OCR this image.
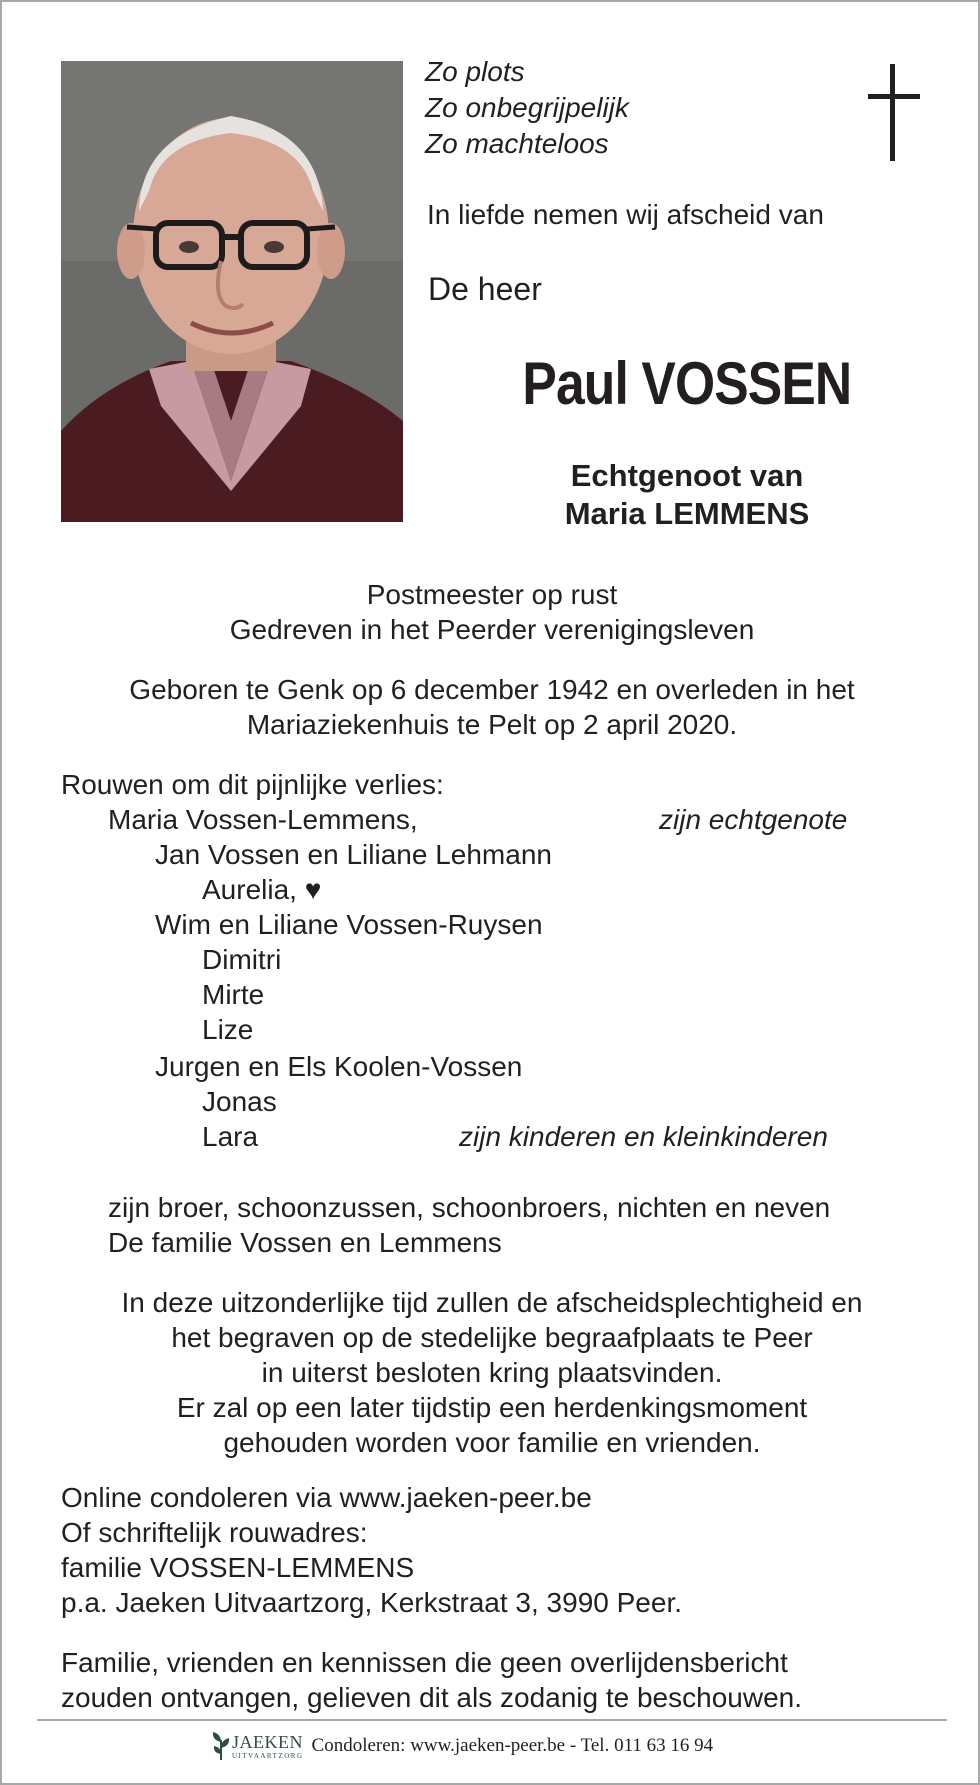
Zo plots
Zo onbegrijpelijk
Zo machteloos
In liefde nemen wij afscheid van
De heer
Paul VOSSEN
Echtgenoot van
Maria LEMMENS
Postmeester op rust
Gedreven in het Peerder verenigingsleven
Geboren te Genk op 6 december 1942 en overleden in het
Mariaziekenhuis te Pelt op 2 april 2020.
Rouwen om dit pijnlijke verlies:
Maria Vossen-Lemmens,	zijn echtgenote
Jan Vossen en Liliane Lehmann
Aurelia, ♥
Wim en Liliane Vossen-Ruysen
Dimitri
Mirte
Lize
Jurgen en Els Koolen-Vossen
Jonas
Lara	zijn kinderen en kleinkinderen
zijn broer, schoonzussen, schoonbroers, nichten en neven
De familie Vossen en Lemmens
In deze uitzonderlijke tijd zullen de afscheidsplechtigheid en
het begraven op de stedelijke begraafplaats te Peer
in uiterst besloten kring plaatsvinden.
Er zal op een later tijdstip een herdenkingsmoment
gehouden worden voor familie en vrienden.
Online condoleren via www.jaeken-peer.be
Of schriftelijk rouwadres:
familie VOSSEN-LEMMENS
p.a. Jaeken Uitvaartzorg, Kerkstraat 3, 3990 Peer.
Familie, vrienden en kennissen die geen overlijdensbericht
zouden ontvangen, gelieven dit als zodanig te beschouwen.
JAEKEN
UITVAARTZORG Condoleren: www.jaeken-peer.be - Tel. 011 63 16 94
